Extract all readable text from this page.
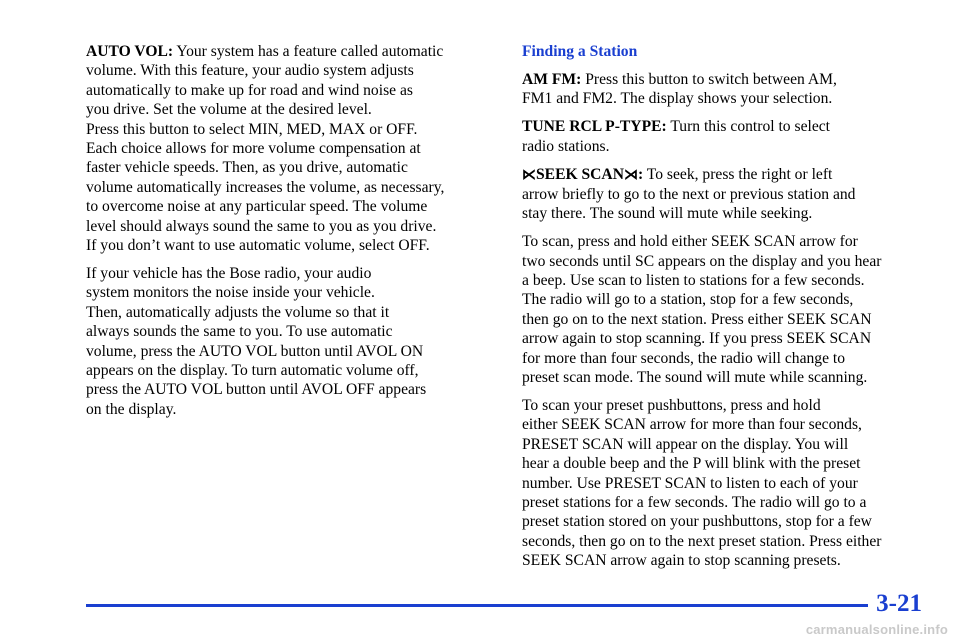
AUTO VOL: Your system has a feature called automatic
volume. With this feature, your audio system adjusts
automatically to make up for road and wind noise as
you drive. Set the volume at the desired level.
Press this button to select MIN, MED, MAX or OFF.
Each choice allows for more volume compensation at
faster vehicle speeds. Then, as you drive, automatic
volume automatically increases the volume, as necessary,
to overcome noise at any particular speed. The volume
level should always sound the same to you as you drive.
If you don’t want to use automatic volume, select OFF.

If your vehicle has the Bose radio, your audio
system monitors the noise inside your vehicle.
Then, automatically adjusts the volume so that it
always sounds the same to you. To use automatic
volume, press the AUTO VOL button until AVOL ON
appears on the display. To turn automatic volume off,
press the AUTO VOL button until AVOL OFF appears
on the display.

Finding a Station

AM FM: Press this button to switch between AM,
FM1 and FM2. The display shows your selection.

TUNE RCL P-TYPE: Turn this control to select
radio stations.

⋉SEEK SCAN⋊: To seek, press the right or left
arrow briefly to go to the next or previous station and
stay there. The sound will mute while seeking.

To scan, press and hold either SEEK SCAN arrow for
two seconds until SC appears on the display and you hear
a beep. Use scan to listen to stations for a few seconds.
The radio will go to a station, stop for a few seconds,
then go on to the next station. Press either SEEK SCAN
arrow again to stop scanning. If you press SEEK SCAN
for more than four seconds, the radio will change to
preset scan mode. The sound will mute while scanning.

To scan your preset pushbuttons, press and hold
either SEEK SCAN arrow for more than four seconds,
PRESET SCAN will appear on the display. You will
hear a double beep and the P will blink with the preset
number. Use PRESET SCAN to listen to each of your
preset stations for a few seconds. The radio will go to a
preset station stored on your pushbuttons, stop for a few
seconds, then go on to the next preset station. Press either
SEEK SCAN arrow again to stop scanning presets.

3-21
carmanualsonline.info
